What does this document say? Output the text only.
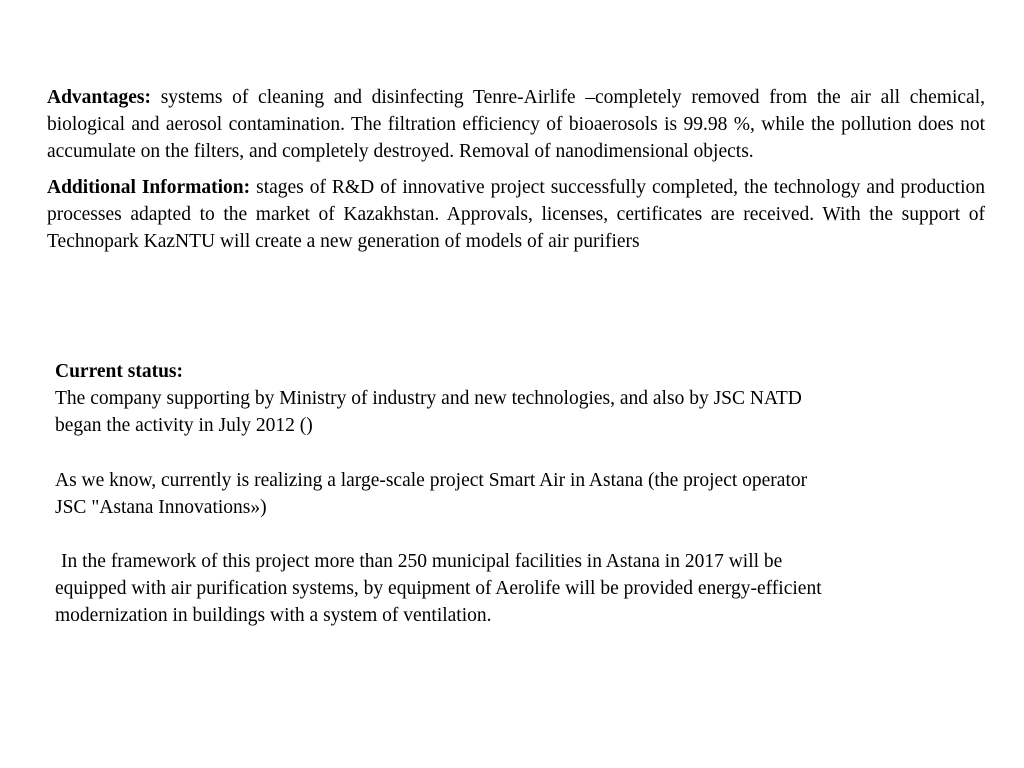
Advantages: systems of cleaning and disinfecting Tenre-Airlife –completely removed from the air all chemical, biological and aerosol contamination. The filtration efficiency of bioaerosols is 99.98 %, while the pollution does not accumulate on the filters, and completely destroyed. Removal of nanodimensional objects.

Additional Information: stages of R&D of innovative project successfully completed, the technology and production processes adapted to the market of Kazakhstan. Approvals, licenses, certificates are received. With the support of Technopark KazNTU will create a new generation of models of air purifiers

Current status:

The company supporting by Ministry of industry and new technologies, and also by JSC NATD

began the activity in July 2012 ()

As we know, currently is realizing a large-scale project Smart Air in Astana (the project operator

JSC "Astana Innovations»)

In the framework of this project more than 250 municipal facilities in Astana in 2017 will be

equipped with air purification systems, by equipment of Aerolife will be provided energy-efficient

modernization in buildings with a system of ventilation.
